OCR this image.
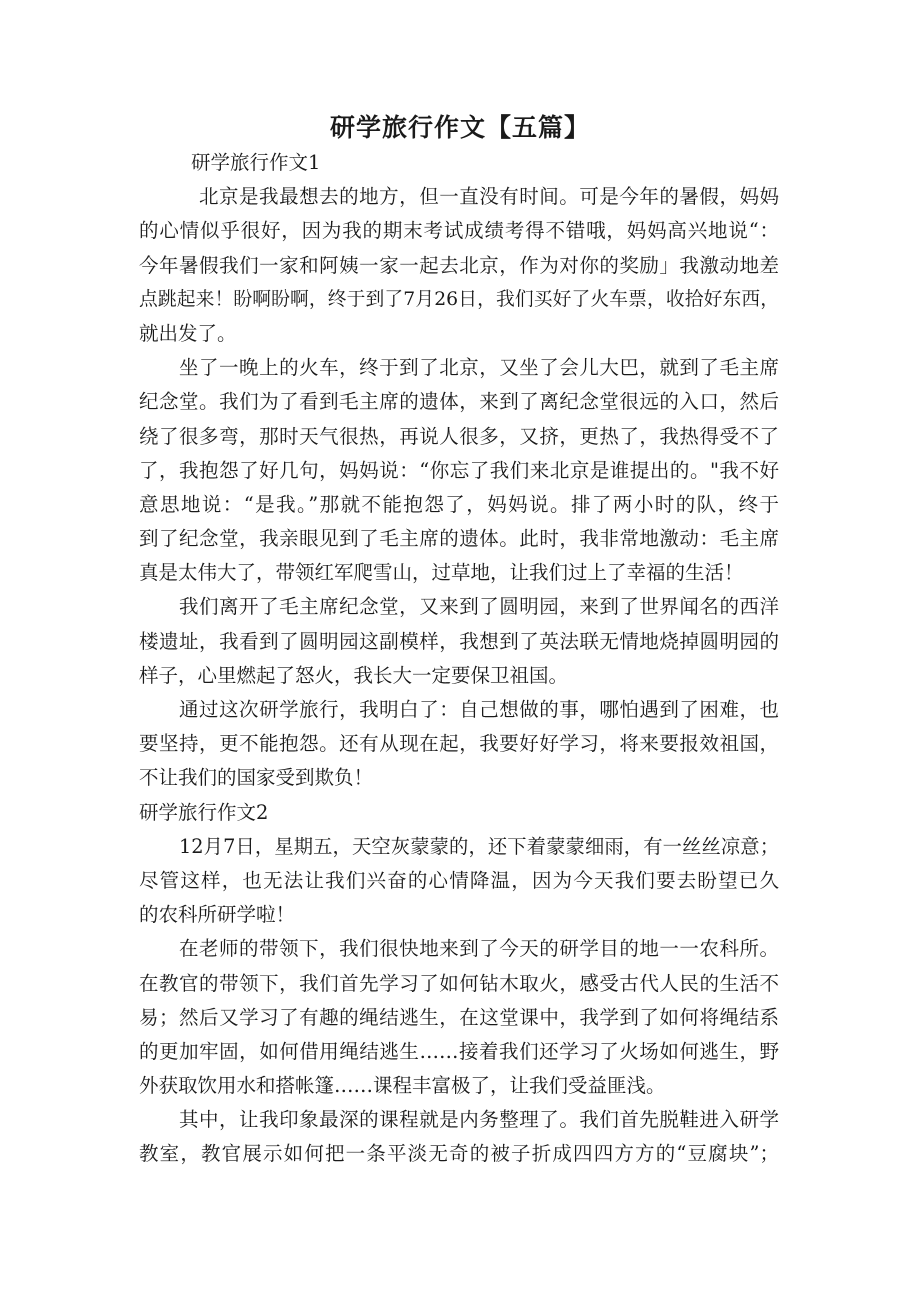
研学旅行作文【五篇】
研学旅行作文1
北京是我最想去的地方，但一直没有时间。可是今年的暑假，妈妈
的心情似乎很好，因为我的期末考试成绩考得不错哦，妈妈高兴地说“：
今年暑假我们一家和阿姨一家一起去北京，作为对你的奖励」我激动地差
点跳起来！盼啊盼啊，终于到了7月26日，我们买好了火车票，收拾好东西，
就出发了。
坐了一晚上的火车，终于到了北京，又坐了会儿大巴，就到了毛主席
纪念堂。我们为了看到毛主席的遗体，来到了离纪念堂很远的入口，然后
绕了很多弯，那时天气很热，再说人很多，又挤，更热了，我热得受不了
了，我抱怨了好几句，妈妈说：“你忘了我们来北京是谁提出的。"我不好
意思地说：“是我。”那就不能抱怨了，妈妈说。排了两小时的队，终于
到了纪念堂，我亲眼见到了毛主席的遗体。此时，我非常地激动：毛主席
真是太伟大了，带领红军爬雪山，过草地，让我们过上了幸福的生活！
我们离开了毛主席纪念堂，又来到了圆明园，来到了世界闻名的西洋
楼遗址，我看到了圆明园这副模样，我想到了英法联无情地烧掉圆明园的
样子，心里燃起了怒火，我长大一定要保卫祖国。
通过这次研学旅行，我明白了：自己想做的事，哪怕遇到了困难，也
要坚持，更不能抱怨。还有从现在起，我要好好学习，将来要报效祖国，
不让我们的国家受到欺负！
研学旅行作文2
12月7日，星期五，天空灰蒙蒙的，还下着蒙蒙细雨，有一丝丝凉意；
尽管这样，也无法让我们兴奋的心情降温，因为今天我们要去盼望已久
的农科所研学啦！
在老师的带领下，我们很快地来到了今天的研学目的地一一农科所。
在教官的带领下，我们首先学习了如何钻木取火，感受古代人民的生活不
易；然后又学习了有趣的绳结逃生，在这堂课中，我学到了如何将绳结系
的更加牢固，如何借用绳结逃生……接着我们还学习了火场如何逃生，野
外获取饮用水和搭帐篷……课程丰富极了，让我们受益匪浅。
其中，让我印象最深的课程就是内务整理了。我们首先脱鞋进入研学
教室，教官展示如何把一条平淡无奇的被子折成四四方方的“豆腐块”；
